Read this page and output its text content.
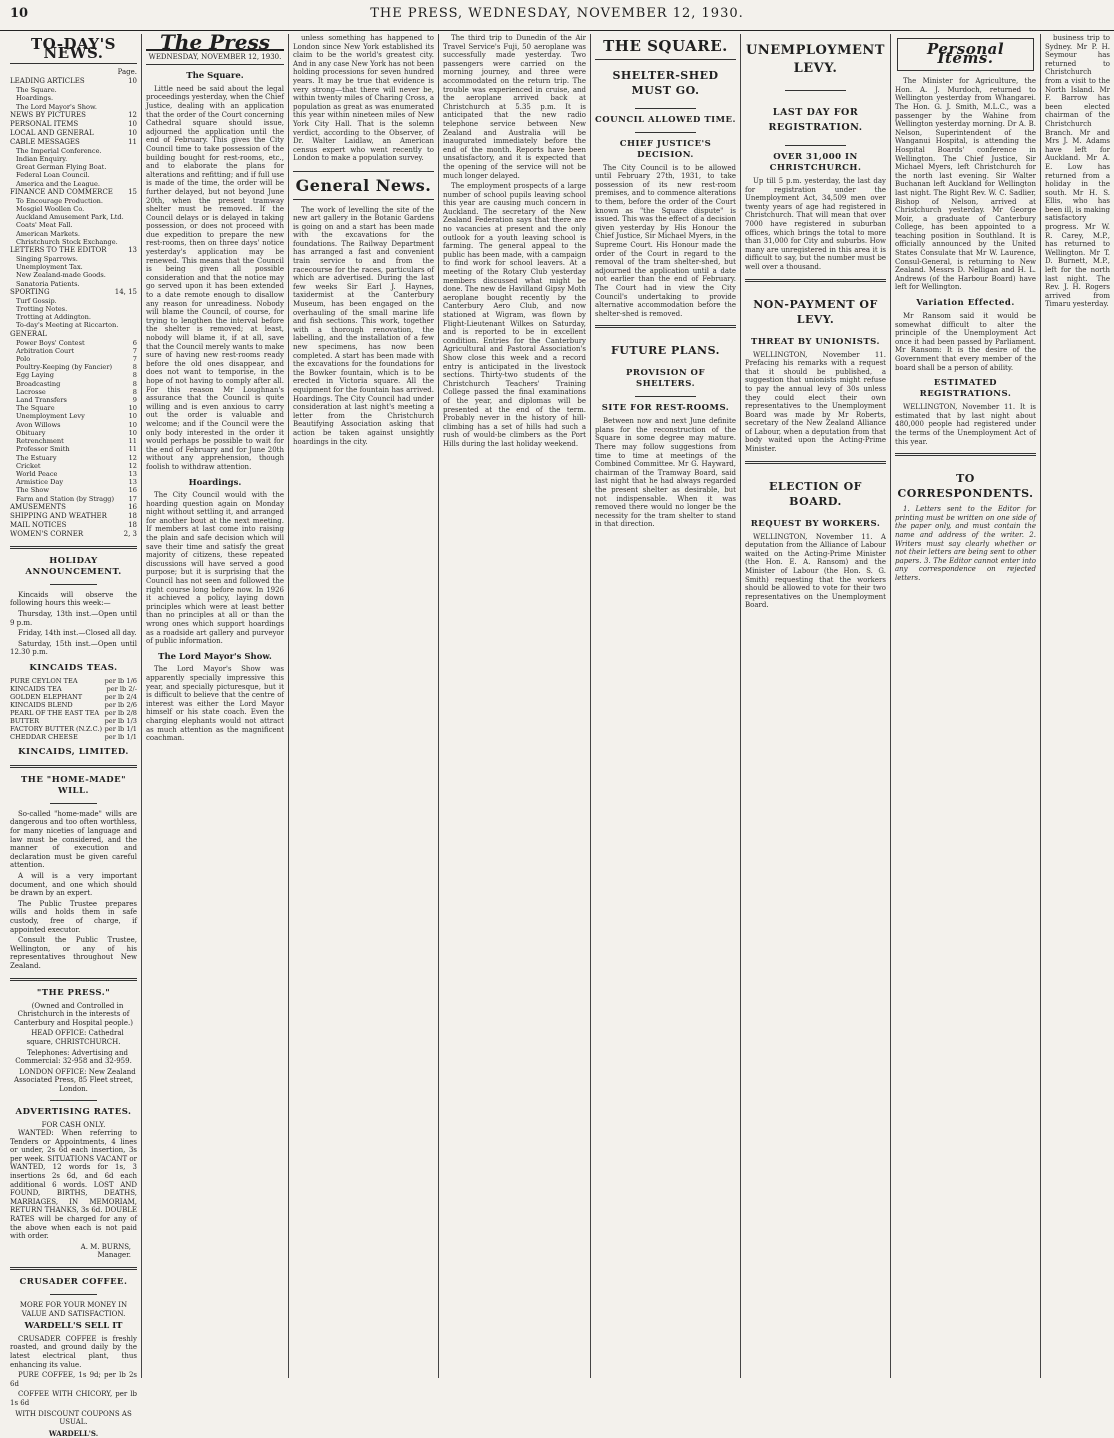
10	THE PRESS, WEDNESDAY, NOVEMBER 12, 1930.
TO-DAY'S NEWS.
Page.
LEADING ARTICLES	10
The Square.
Hoardings.
The Lord Mayor's Show.
NEWS BY PICTURES	12
PERSONAL ITEMS	10
LOCAL AND GENERAL	10
CABLE MESSAGES	11
The Imperial Conference.
Indian Enquiry.
Great German Flying Boat.
Federal Loan Council.
America and the League.
FINANCE AND COMMERCE 15
To Encourage Production.
Mosgiel Woollen Co.
Auckland Amusement Park, Ltd.
Coats' Meat Fall.
American Markets.
Christchurch Stock Exchange.
LETTERS TO THE EDITOR	13
Singing Sparrows.
Unemployment Tax.
New Zealand-made Goods.
Sanatoria Patients.
SPORTING	14, 15
Turf Gossip.
Trotting Notes.
Trotting at Addington.
To-day's Meeting at Riccarton.
GENERAL
Power Boys' Contest	6
Arbitration Court	7
Polo	7
Poultry-Keeping (by Fancier)	8
Egg Laying	8
Broadcasting	8
Lacrosse	8
Land Transfers	9
The Square	10
Unemployment Levy	10
Avon Willows	10
Obituary	10
Retrenchment	11
Professor Smith	11
The Estuary	12
Cricket	12
World Peace	13
Armistice Day	13
The Show	16
Farm and Station (by Stragg) 17
AMUSEMENTS	16
SHIPPING AND WEATHER	18
MAIL NOTICES	18
WOMEN'S CORNER	2, 3
HOLIDAY ANNOUNCEMENT.

Kincaids will observe the following hours this week:—

Thursday, 13th inst.—Open until 9 p.m.

Friday, 14th inst.—Closed all day.

Saturday, 15th inst.—Open until 12.30 p.m.

KINCAIDS TEAS.
PURE CEYLON TEA	per lb 1/6
KINCAIDS TEA	per lb 2/-
GOLDEN ELEPHANT	per lb 2/4
KINCAIDS BLEND	per lb 2/6
PEARL OF THE EAST TEA per lb 2/8
BUTTER	per lb 1/3
FACTORY BUTTER (N.Z.C.) per lb 1/1
CHEDDAR CHEESE	per lb 1/1
KINCAIDS, LIMITED.
THE "HOME-MADE" WILL.

So-called "home-made" wills are dangerous and too often worthless, for many niceties of language and law must be considered, and the manner of execution and declaration must be given careful attention.

A will is a very important document, and one which should be drawn by an expert.

The Public Trustee prepares wills and holds them in safe custody, free of charge, if appointed executor.

Consult the Public Trustee, Wellington, or any of his representatives throughout New Zealand.

"THE PRESS."

(Owned and Controlled in Christchurch in the interests of Canterbury and Hospital people.)

HEAD OFFICE: Cathedral square, CHRISTCHURCH.

Telephones: Advertising and Commercial: 32-958 and 32-959.

LONDON OFFICE: New Zealand Associated Press, 85 Fleet street, London.

ADVERTISING RATES.
FOR CASH ONLY.

WANTED: When referring to Tenders or Appointments, 4 lines or under, 2s 6d each insertion, 3s per week. SITUATIONS VACANT or WANTED, 12 words for 1s, 3 insertions 2s 6d, and 6d each additional 6 words. LOST AND FOUND, BIRTHS, DEATHS, MARRIAGES, IN MEMORIAM, RETURN THANKS, 3s 6d. DOUBLE RATES will be charged for any of the above when each is not paid with order.

A. M. BURNS,
Manager.
CRUSADER COFFEE.
MORE FOR YOUR MONEY IN
VALUE AND SATISFACTION.
WARDELL'S SELL IT

CRUSADER COFFEE is freshly roasted, and ground daily by the latest electrical plant, thus enhancing its value.

PURE COFFEE, 1s 9d; per lb 2s 6d

COFFEE WITH CHICORY, per lb 1s 6d

WITH DISCOUNT COUPONS AS USUAL.
WARDELL'S.
The Press
WEDNESDAY, NOVEMBER 12, 1930.
The Square.

Little need be said about the legal proceedings yesterday, when the Chief Justice, dealing with an application that the order of the Court concerning Cathedral square should issue, adjourned the application until the end of February. This gives the City Council time to take possession of the building bought for rest-rooms, etc., and to elaborate the plans for alterations and refitting; and if full use is made of the time, the order will be further delayed, but not beyond June 20th, when the present tramway shelter must be removed. If the Council delays or is delayed in taking possession, or does not proceed with due expedition to prepare the new rest-rooms, then on three days' notice yesterday's application may be renewed. This means that the Council is being given all possible consideration and that the notice may go served upon it has been extended to a date remote enough to disallow any reason for unreadiness. Nobody will blame the Council, of course, for trying to lengthen the interval before the shelter is removed; at least, nobody will blame it, if at all, save that the Council merely wants to make sure of having new rest-rooms ready before the old ones disappear, and does not want to temporise, in the hope of not having to comply after all. For this reason Mr Loughnan's assurance that the Council is quite willing and is even anxious to carry out the order is valuable and welcome; and if the Council were the only body interested in the order it would perhaps be possible to wait for the end of February and for June 20th without any apprehension, though foolish to withdraw attention.

Hoardings.

The City Council would with the hoarding question again on Monday night without settling it, and arranged for another bout at the next meeting. If members at last come into raising the plain and safe decision which will save their time and satisfy the great majority of citizens, these repeated discussions will have served a good purpose; but it is surprising that the Council has not seen and followed the right course long before now. In 1926 it achieved a policy, laying down principles which were at least better than no principles at all or than the wrong ones which support hoardings as a roadside art gallery and purveyor of public information.

The Lord Mayor's Show.

The Lord Mayor's Show was apparently specially impressive this year, and specially picturesque, but it is difficult to believe that the centre of interest was either the Lord Mayor himself or his state coach. Even the charging elephants would not attract as much attention as the magnificent coachman.

unless something has happened to London since New York established its claim to be the world's greatest city. And in any case New York has not been holding processions for seven hundred years. It may be true that evidence is very strong—that there will never be, within twenty miles of Charing Cross, a population as great as was enumerated this year within nineteen miles of New York City Hall. That is the solemn verdict, according to the Observer, of Dr. Walter Laidlaw, an American census expert who went recently to London to make a population survey.

General News.

The work of levelling the site of the new art gallery in the Botanic Gardens is going on and a start has been made with the excavations for the foundations. The Railway Department has arranged a fast and convenient train service to and from the racecourse for the races, particulars of which are advertised. During the last few weeks Sir Earl J. Haynes, taxidermist at the Canterbury Museum, has been engaged on the overhauling of the small marine life and fish sections. This work, together with a thorough renovation, the labelling, and the installation of a few new specimens, has now been completed. A start has been made with the excavations for the foundations for the Bowker fountain, which is to be erected in Victoria square. All the equipment for the fountain has arrived. Hoardings. The City Council had under consideration at last night's meeting a letter from the Christchurch Beautifying Association asking that action be taken against unsightly hoardings in the city.

The third trip to Dunedin of the Air Travel Service's Fuji, 50 aeroplane was successfully made yesterday. Two passengers were carried on the morning journey, and three were accommodated on the return trip. The trouble was experienced in cruise, and the aeroplane arrived back at Christchurch at 5.35 p.m. It is anticipated that the new radio telephone service between New Zealand and Australia will be inaugurated immediately before the end of the month. Reports have been unsatisfactory, and it is expected that the opening of the service will not be much longer delayed.

The employment prospects of a large number of school pupils leaving school this year are causing much concern in Auckland. The secretary of the New Zealand Federation says that there are no vacancies at present and the only outlook for a youth leaving school is farming. The general appeal to the public has been made, with a campaign to find work for school leavers. At a meeting of the Rotary Club yesterday members discussed what might be done. The new de Havilland Gipsy Moth aeroplane bought recently by the Canterbury Aero Club, and now stationed at Wigram, was flown by Flight-Lieutenant Wilkes on Saturday, and is reported to be in excellent condition. Entries for the Canterbury Agricultural and Pastoral Association's Show close this week and a record entry is anticipated in the livestock sections. Thirty-two students of the Christchurch Teachers' Training College passed the final examinations of the year, and diplomas will be presented at the end of the term. Probably never in the history of hill-climbing has a set of hills had such a rush of would-be climbers as the Port Hills during the last holiday weekend.

THE SQUARE.
SHELTER-SHED MUST GO.
COUNCIL ALLOWED TIME.
CHIEF JUSTICE'S DECISION.

The City Council is to be allowed until February 27th, 1931, to take possession of its new rest-room premises, and to commence alterations to them, before the order of the Court known as "the Square dispute" is issued. This was the effect of a decision given yesterday by His Honour the Chief Justice, Sir Michael Myers, in the Supreme Court. His Honour made the order of the Court in regard to the removal of the tram shelter-shed, but adjourned the application until a date not earlier than the end of February. The Court had in view the City Council's undertaking to provide alternative accommodation before the shelter-shed is removed.

FUTURE PLANS.
PROVISION OF SHELTERS.
SITE FOR REST-ROOMS.

Between now and next June definite plans for the reconstruction of the Square in some degree may mature. There may follow suggestions from time to time at meetings of the Combined Committee. Mr G. Hayward, chairman of the Tramway Board, said last night that he had always regarded the present shelter as desirable, but not indispensable. When it was removed there would no longer be the necessity for the tram shelter to stand in that direction.

UNEMPLOYMENT
LEVY.
LAST DAY FOR REGISTRATION.
OVER 31,000 IN CHRISTCHURCH.

Up till 5 p.m. yesterday, the last day for registration under the Unemployment Act, 34,509 men over twenty years of age had registered in Christchurch. That will mean that over 7000 have registered in suburban offices, which brings the total to more than 31,000 for City and suburbs. How many are unregistered in this area it is difficult to say, but the number must be well over a thousand.

NON-PAYMENT OF LEVY.
THREAT BY UNIONISTS.

WELLINGTON, November 11. Prefacing his remarks with a request that it should be published, a suggestion that unionists might refuse to pay the annual levy of 30s unless they could elect their own representatives to the Unemployment Board was made by Mr Roberts, secretary of the New Zealand Alliance of Labour, when a deputation from that body waited upon the Acting-Prime Minister.

ELECTION OF BOARD.
REQUEST BY WORKERS.

WELLINGTON, November 11. A deputation from the Alliance of Labour waited on the Acting-Prime Minister (the Hon. E. A. Ransom) and the Minister of Labour (the Hon. S. G. Smith) requesting that the workers should be allowed to vote for their two representatives on the Unemployment Board.

Personal Items.

The Minister for Agriculture, the Hon. A. J. Murdoch, returned to Wellington yesterday from Whangarei. The Hon. G. J. Smith, M.L.C., was a passenger by the Wahine from Wellington yesterday morning. Dr A. B. Nelson, Superintendent of the Wanganui Hospital, is attending the Hospital Boards' conference in Wellington. The Chief Justice, Sir Michael Myers, left Christchurch for the north last evening. Sir Walter Buchanan left Auckland for Wellington last night. The Right Rev. W. C. Sadlier, Bishop of Nelson, arrived at Christchurch yesterday. Mr George Moir, a graduate of Canterbury College, has been appointed to a teaching position in Southland. It is officially announced by the United States Consulate that Mr W. Laurence, Consul-General, is returning to New Zealand. Messrs D. Nelligan and H. L. Andrews (of the Harbour Board) have left for Wellington.

Variation Effected.

Mr Ransom said it would be somewhat difficult to alter the principle of the Unemployment Act once it had been passed by Parliament. Mr Ransom: It is the desire of the Government that every member of the board shall be a person of ability.

ESTIMATED REGISTRATIONS.

WELLINGTON, November 11. It is estimated that by last night about 480,000 people had registered under the terms of the Unemployment Act of this year.

TO CORRESPONDENTS.

1. Letters sent to the Editor for printing must be written on one side of the paper only, and must contain the name and address of the writer. 2. Writers must say clearly whether or not their letters are being sent to other papers. 3. The Editor cannot enter into any correspondence on rejected letters.

business trip to Sydney. Mr P. H. Seymour has returned to Christchurch from a visit to the North Island. Mr F. Barrow has been elected chairman of the Christchurch Branch. Mr and Mrs J. M. Adams have left for Auckland. Mr A. E. Low has returned from a holiday in the south. Mr H. S. Ellis, who has been ill, is making satisfactory progress. Mr W. R. Carey, M.P., has returned to Wellington. Mr T. D. Burnett, M.P., left for the north last night. The Rev. J. H. Rogers arrived from Timaru yesterday.
